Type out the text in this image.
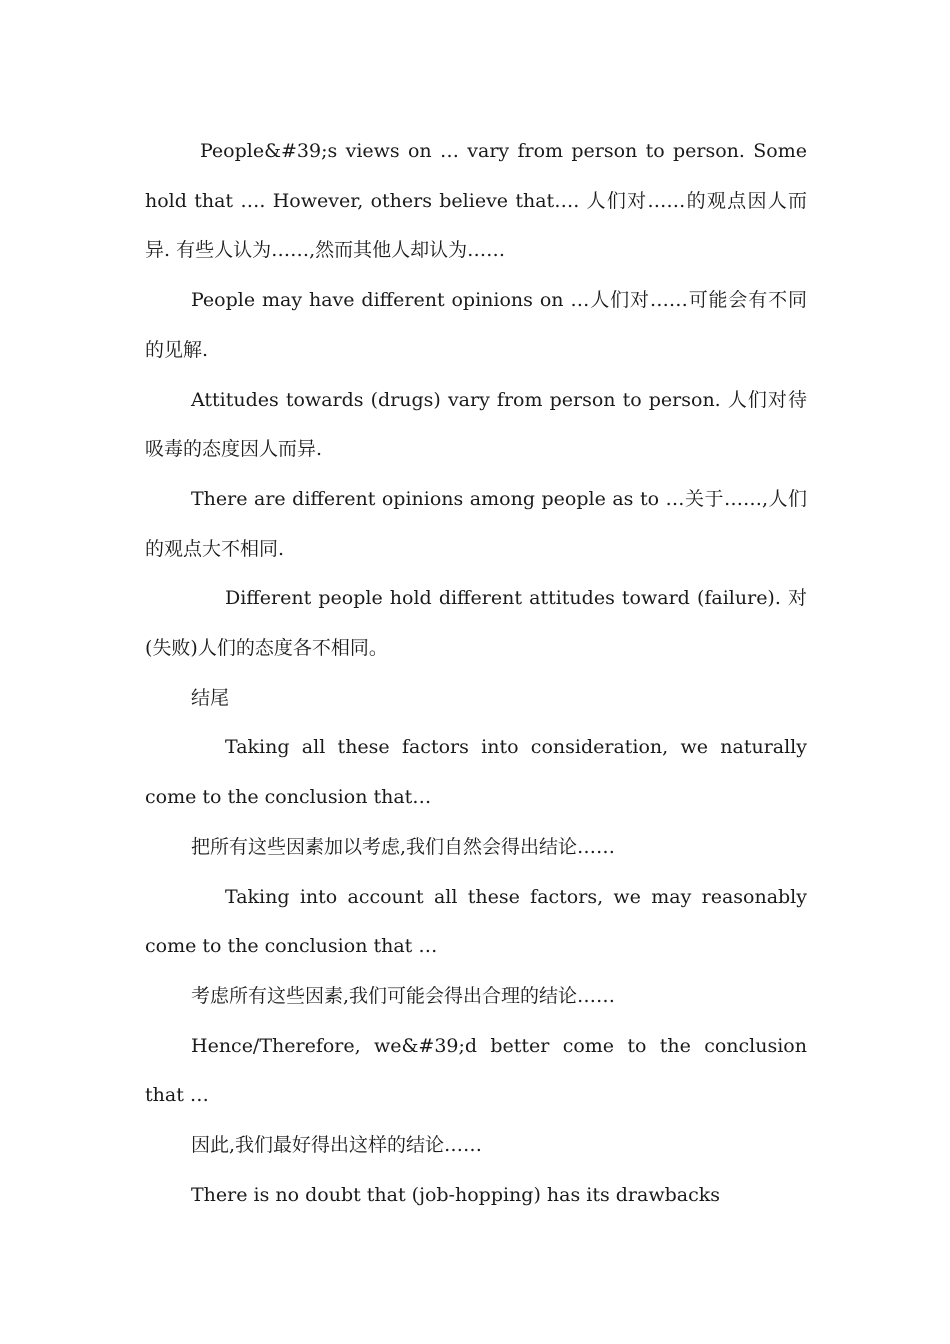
People&#39;s views on … vary from person to person. Some hold that …. However, others believe that…. 人们对……的观点因人而异. 有些人认为……,然而其他人却认为……

People may have different opinions on …人们对……可能会有不同的见解.

Attitudes towards (drugs) vary from person to person. 人们对待吸毒的态度因人而异.

There are different opinions among people as to …关于……,人们的观点大不相同.

Different people hold different attitudes toward (failure). 对(失败)人们的态度各不相同。

结尾

Taking all these factors into consideration, we naturally come to the conclusion that…

把所有这些因素加以考虑,我们自然会得出结论……

Taking into account all these factors, we may reasonably come to the conclusion that …

考虑所有这些因素,我们可能会得出合理的结论……

Hence/Therefore, we&#39;d better come to the conclusion that …

因此,我们最好得出这样的结论……

There is no doubt that (job-hopping) has its drawbacks
